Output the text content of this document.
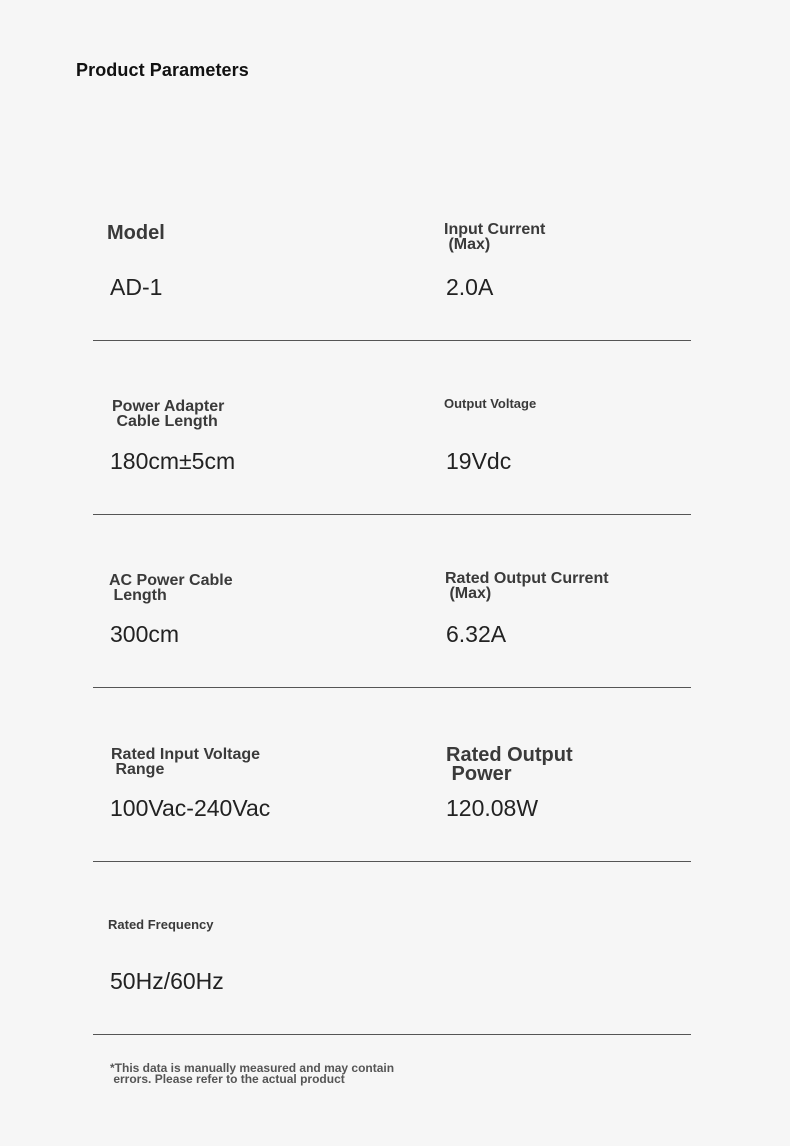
Product Parameters
Model
AD-1
Input Current
(Max)
2.0A
Power Adapter
Cable Length
180cm±5cm
Output Voltage
19Vdc
AC Power Cable
Length
300cm
Rated Output Current
(Max)
6.32A
Rated Input Voltage
Range
100Vac-240Vac
Rated Output
Power
120.08W
Rated Frequency
50Hz/60Hz
*This data is manually measured and may contain
errors. Please refer to the actual product
